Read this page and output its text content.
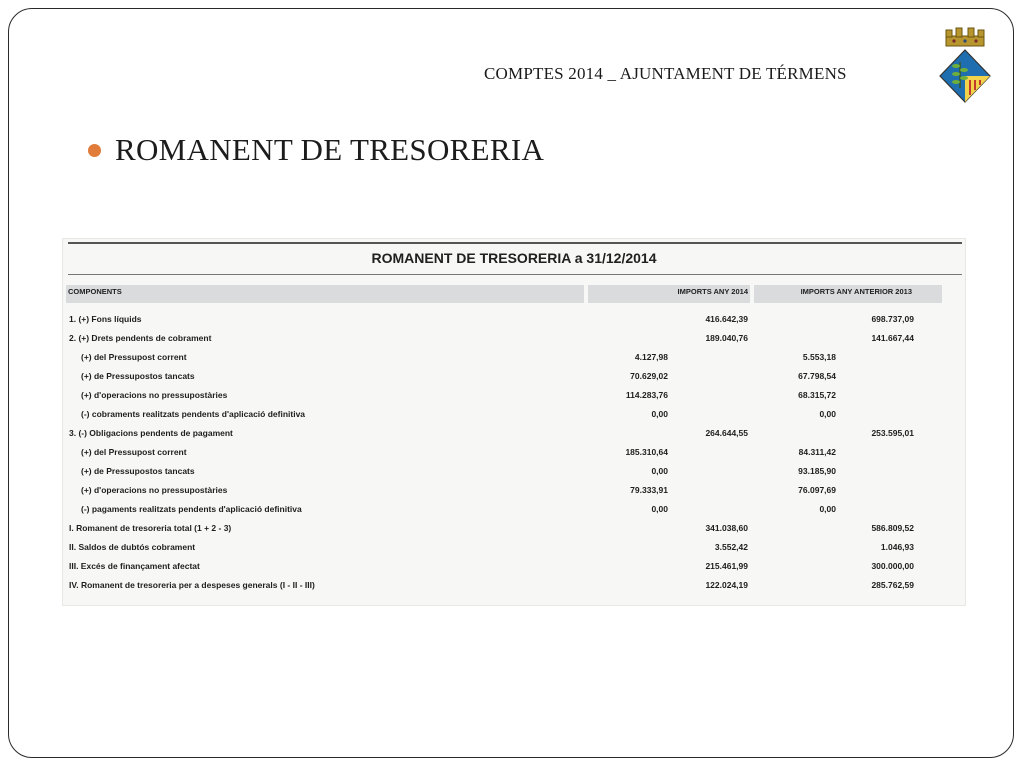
COMPTES 2014 _ AJUNTAMENT DE TÉRMENS
ROMANENT DE TRESORERIA
ROMANENT DE TRESORERIA a 31/12/2014
COMPONENTS	IMPORTS ANY 2014	IMPORTS ANY ANTERIOR 2013
1. (+) Fons líquids	416.642,39	698.737,09
2. (+) Drets pendents de cobrament	189.040,76	141.667,44
(+) del Pressupost corrent	4.127,98	5.553,18
(+) de Pressupostos tancats	70.629,02	67.798,54
(+) d'operacions no pressupostàries	114.283,76	68.315,72
(-) cobraments realitzats pendents d'aplicació definitiva	0,00	0,00
3. (-) Obligacions pendents de pagament	264.644,55	253.595,01
(+) del Pressupost corrent	185.310,64	84.311,42
(+) de Pressupostos tancats	0,00	93.185,90
(+) d'operacions no pressupostàries	79.333,91	76.097,69
(-) pagaments realitzats pendents d'aplicació definitiva	0,00	0,00
I. Romanent de tresoreria total (1 + 2 - 3)	341.038,60	586.809,52
II. Saldos de dubtós cobrament	3.552,42	1.046,93
III. Excés de finançament afectat	215.461,99	300.000,00
IV. Romanent de tresoreria per a despeses generals (I - II - III)	122.024,19	285.762,59
